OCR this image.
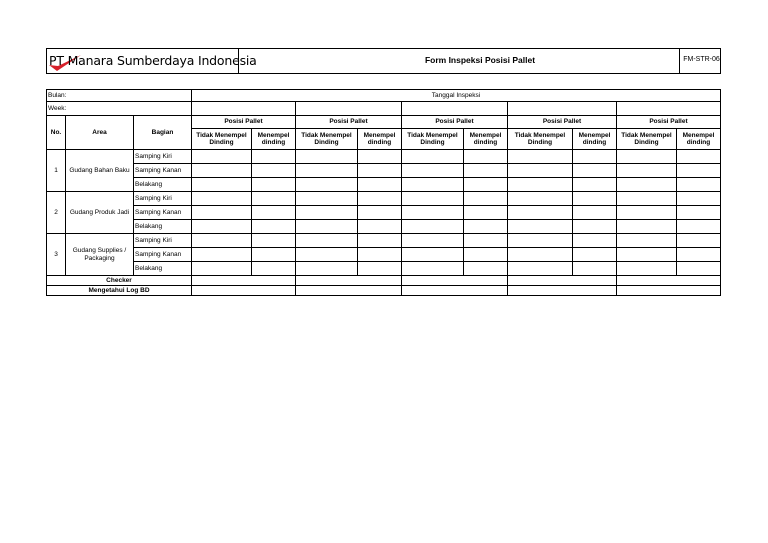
PT Manara Sumberdaya Indonesia	Form Inspeksi Posisi Pallet	FM-STR-06
Bulan:			Tanggal Inspeksi									
Week:												
No.	Area	Bagian	Posisi Pallet		Posisi Pallet		Posisi Pallet		Posisi Pallet		Posisi Pallet	
			Tidak Menempel Dinding	Menempel dinding	Tidak Menempel Dinding	Menempel dinding	Tidak Menempel Dinding	Menempel dinding	Tidak Menempel Dinding	Menempel dinding	Tidak Menempel Dinding	Menempel dinding
1	Gudang Bahan Baku	Samping Kiri										
		Samping Kanan										
		Belakang										
2	Gudang Produk Jadi	Samping Kiri										
		Samping Kanan										
		Belakang										
3	Gudang Supplies / Packaging	Samping Kiri										
		Samping Kanan										
		Belakang										
Checker												
Mengetahui Log BD												
